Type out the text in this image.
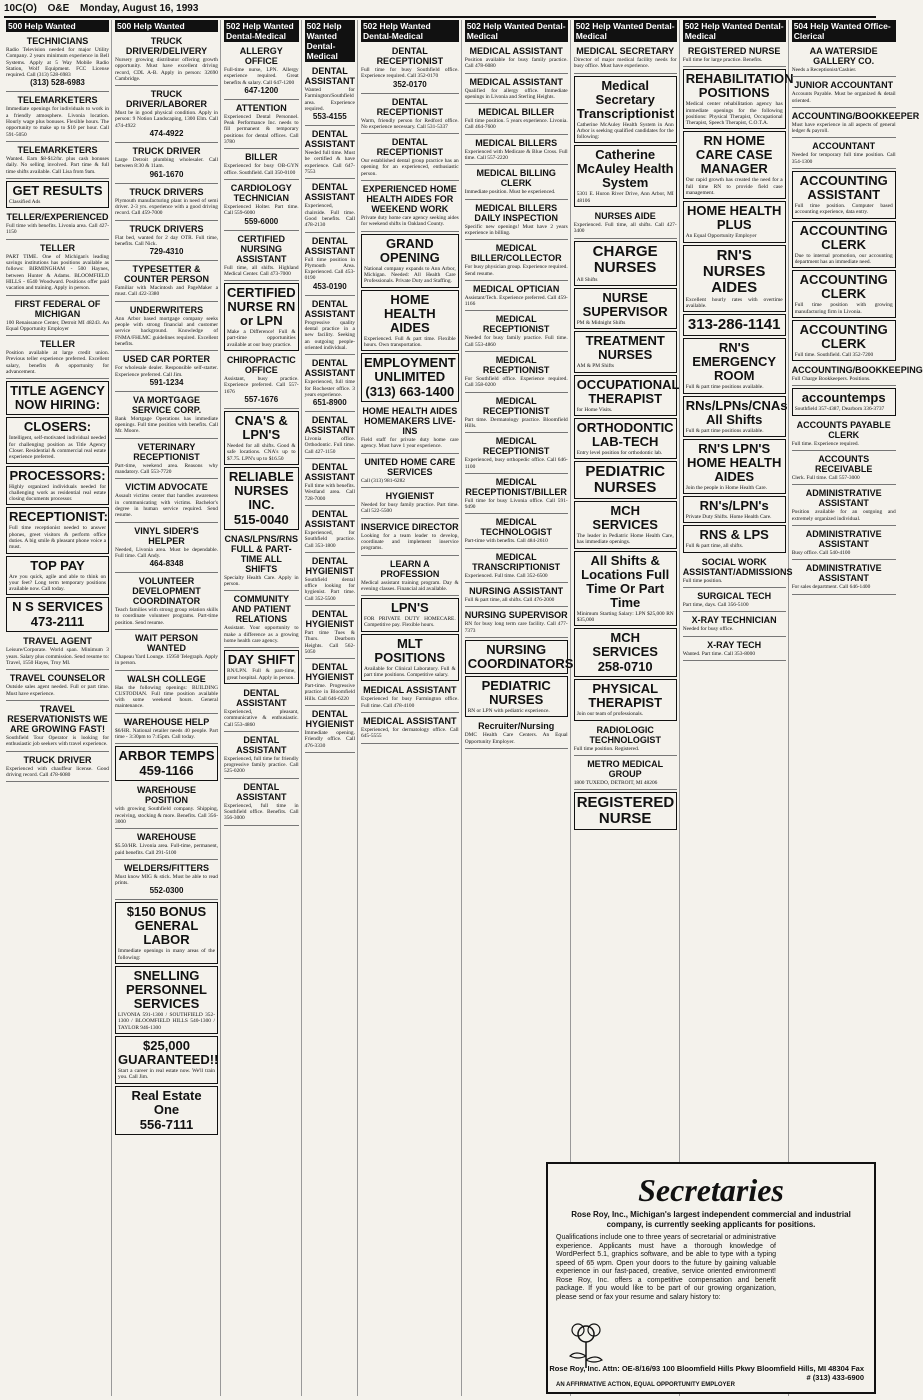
10C(O) O&E Monday, August 16, 1993
500 Help Wanted
TECHNICIANS
Radio Television needed for major Utility Company. 2 years minimum experience in Bell Systems. Apply at 5 Way Mobile Radio Station, Wolf Equipment. FCC License required. Call (313) 528-6983
(313) 528-6983
TELEMARKETERS
Immediate openings for individuals to work in a friendly atmosphere. Livonia location. Hourly wage plus bonuses. Flexible hours. The opportunity to make up to $10 per hour. Call 591-5050
TELEMARKETERS
Wanted. Earn $8-$12/hr. plus cash bonuses daily. No selling involved. Part time & full time shifts available. Call Lisa from 9am.
GET RESULTS
Classified Ads
TELLER/EXPERIENCED
Full time with benefits. Livonia area. Call 427-1150
TELLER
PART TIME. One of Michigan's leading savings institutions has positions available as follows: BIRMINGHAM - 500 Haynes, between Hunter & Adams. BLOOMFIELD HILLS - 6540 Woodward. Positions offer paid vacation and training. Apply in person.
FIRST FEDERAL OF MICHIGAN
100 Renaissance Center, Detroit MI 48243. An Equal Opportunity Employer
TELLER
Position available at large credit union. Previous teller experience preferred. Excellent salary, benefits & opportunity for advancement.
TITLE AGENCY NOW HIRING:
CLOSERS:
Intelligent, self-motivated individual needed for challenging position as Title Agency Closer. Residential & commercial real estate experience preferred.
PROCESSORS:
Highly organized individuals needed for challenging work as residential real estate closing documents processor.
RECEPTIONIST:
Full time receptionist needed to answer phones, greet visitors & perform office duties. A big smile & pleasant phone voice a must.
TOP PAY
Are you quick, agile and able to think on your feet? Long term temporary positions available now. Call today.
N S SERVICES
473-2111
TRAVEL AGENT
Leisure/Corporate. World span. Minimum 3 years. Salary plus commission. Send resume to: Travel, 1550 Hayes, Troy MI.
TRAVEL COUNSELOR
Outside sales agent needed. Full or part time. Must have experience.
TRAVEL RESERVATIONISTS WE ARE GROWING FAST!
Southfield Tour Operator is looking for enthusiastic job seekers with travel experience.
TRUCK DRIVER
Experienced with chauffeur license. Good driving record. Call 478-6080
500 Help Wanted
TRUCK DRIVER/DELIVERY
Nursery growing distributor offering growth opportunity. Must have excellent driving record, CDL A-B. Apply in person: 32690 Cambridge.
TRUCK DRIVER/LABORER
Must be in good physical condition. Apply in person: 9 Notion Landscaping, 1300 Elm. Call 474-4922
474-4922
TRUCK DRIVER
Large Detroit plumbing wholesaler. Call between 8:30 & 11am.
961-1670
TRUCK DRIVERS
Plymouth manufacturing plant in need of semi driver. 2-3 yrs. experience with a good driving record. Call 459-7000
TRUCK DRIVERS
Flat bed, wanted for 2 day OTR. Full time, benefits. Call Nick.
729-4310
TYPESETTER & COUNTER PERSON
Familiar with Macintosh and PageMaker a must. Call 422-3380
UNDERWRITERS
Ann Arbor based mortgage company seeks people with strong financial and customer service background. Knowledge of FNMA/FHLMC guidelines required. Excellent benefits.
USED CAR PORTER
For wholesale dealer. Responsible self-starter. Experience preferred. Call Jim.
591-1234
VA MORTGAGE SERVICE CORP.
Bank Mortgage Operations has immediate openings. Full time position with benefits. Call Mr. Moore.
VETERINARY RECEPTIONIST
Part-time, weekend area. Reasons why mandatory. Call 553-7720
VICTIM ADVOCATE
Assault victims center that handles awareness in communicating with victims. Bachelor's degree in human service required. Send resume.
VINYL SIDER'S HELPER
Needed, Livonia area. Must be dependable. Full time. Call Andy.
464-8348
VOLUNTEER DEVELOPMENT COORDINATOR
Teach families with strong group relation skills to coordinate volunteer programs. Part-time position. Send resume.
WAIT PERSON WANTED
Chapeau Yard Lounge. 15950 Telegraph. Apply in person.
WALSH COLLEGE
Has the following openings: BUILDING CUSTODIAN. Full time position available with some weekend hours. General maintenance.
WAREHOUSE HELP
$6/HR. National retailer needs 40 people. Part time - 3:30pm to 7:45pm. Call today.
ARBOR TEMPS
459-1166
WAREHOUSE POSITION
with growing Southfield company. Shipping, receiving, stocking & more. Benefits. Call 356-3000
WAREHOUSE
$5.50/HR. Livonia area. Full-time, permanent, paid benefits. Call 291-5100
WELDERS/FITTERS
Must know MIG & stick. Must be able to read prints.
552-0300
$150 BONUS GENERAL LABOR
Immediate openings in many areas of the following:
SNELLING PERSONNEL SERVICES
LIVONIA 591-1300 / SOUTHFIELD 352-1300 / BLOOMFIELD HILLS 540-1300 / TAYLOR 946-1300
$25,000 GUARANTEED!!
Start a career in real estate now. We'll train you. Call Jim.
Real Estate One
556-7111
502 Help Wanted Dental-Medical
ALLERGY OFFICE
Full-time nurse, LPN. Allergy experience required. Great benefits & salary. Call 647-1200
647-1200
ATTENTION
Experienced Dental Personnel. Peak Performance Inc. needs to fill permanent & temporary positions for dental offices. Call 3780
BILLER
Experienced for busy OB-GYN office. Southfield. Call 350-0100
CARDIOLOGY TECHNICIAN
Experienced Holter. Part time. Call 559-6000
559-6000
CERTIFIED NURSING ASSISTANT
Full time, all shifts. Highland Medical Center. Call 473-7000
CERTIFIED NURSE RN or LPN
Make a Difference! Full & part-time opportunities available at our busy practice.
CHIROPRACTIC OFFICE
Assistant, busy practice. Experience preferred. Call 557-1676
557-1676
CNA'S & LPN'S
Needed for all shifts. Good & safe locations. CNA's up to $7.75. LPN's up to $16.50
RELIABLE NURSES INC.
515-0040
CNAS/LPNS/RNS FULL & PART-TIME ALL SHIFTS
Specialty Health Care. Apply in person.
COMMUNITY AND PATIENT RELATIONS
Assistant. Your opportunity to make a difference as a growing home health care agency.
DAY SHIFT
RN/LPN. Full & part-time, great hospital. Apply in person.
DENTAL ASSISTANT
Experienced, pleasant, communicative & enthusiastic. Call 553-4860
DENTAL ASSISTANT
Experienced, full time for friendly progressive family practice. Call 525-0200
DENTAL ASSISTANT
Experienced, full time in Southfield office. Benefits. Call 356-3000
502 Help Wanted Dental-Medical
DENTAL ASSISTANT
Wanted for Farmington/Southfield area. Experience required.
553-4155
DENTAL ASSISTANT
Needed full time. Must be certified & have experience. Call 647-7553
DENTAL ASSISTANT
Experienced, chairside. Full time. Good benefits. Call 478-2130
DENTAL ASSISTANT
Full time position in Plymouth Area. Experienced. Call 453-0190
453-0190
DENTAL ASSISTANT
Progressive quality dental practice in a new facility. Seeking an outgoing people-oriented individual.
DENTAL ASSISTANT
Experienced, full time for Rochester office. 3 years experience.
651-8900
DENTAL ASSISTANT
Livonia office. Orthodontic. Full time. Call 427-1150
DENTAL ASSISTANT
Full time with benefits. Westland area. Call 728-7000
DENTAL ASSISTANT
Experienced, for Southfield practice. Call 353-1800
DENTAL HYGIENIST
Southfield dental office looking for hygienist. Part time. Call 352-5500
DENTAL HYGIENIST
Part time Tues & Thurs. Dearborn Heights. Call 562-5050
DENTAL HYGIENIST
Part-time. Progressive practice in Bloomfield Hills. Call 646-6220
DENTAL HYGIENIST
Immediate opening. Friendly office. Call 476-3330
502 Help Wanted Dental-Medical
DENTAL RECEPTIONIST
Full time for busy Southfield office. Experience required. Call 352-0170
352-0170
DENTAL RECEPTIONIST
Warm, friendly person for Redford office. No experience necessary. Call 531-5337
DENTAL RECEPTIONIST
Our established dental group practice has an opening for an experienced, enthusiastic person.
EXPERIENCED HOME HEALTH AIDES FOR WEEKEND WORK
Private duty home care agency seeking aides for weekend shifts in Oakland County.
GRAND OPENING
National company expands to Ann Arbor, Michigan. Needed: All Health Care Professionals. Private Duty and Staffing.
HOME HEALTH AIDES
Experienced. Full & part time. Flexible hours. Own transportation.
EMPLOYMENT UNLIMITED
(313) 663-1400
HOME HEALTH AIDES HOMEMAKERS LIVE-INS
Field staff for private duty home care agency. Must have 1 year experience.
UNITED HOME CARE SERVICES
Call (313) 981-6282
HYGIENIST
Needed for busy family practice. Part time. Call 522-5500
INSERVICE DIRECTOR
Looking for a team leader to develop, coordinate and implement inservice programs.
LEARN A PROFESSION
Medical assistant training program. Day & evening classes. Financial aid available.
LPN'S
FOR PRIVATE DUTY HOMECARE. Competitive pay. Flexible hours.
MLT POSITIONS
Available for Clinical Laboratory. Full & part time positions. Competitive salary.
MEDICAL ASSISTANT
Experienced for busy Farmington office. Full time. Call 478-4100
MEDICAL ASSISTANT
Experienced, for dermatology office. Call 645-5555
502 Help Wanted Dental-Medical
MEDICAL ASSISTANT
Position available for busy family practice. Call 478-6080
MEDICAL ASSISTANT
Qualified for allergy office. Immediate openings in Livonia and Sterling Heights.
MEDICAL BILLER
Full time position. 5 years experience. Livonia. Call 464-7600
MEDICAL BILLERS
Experienced with Medicare & Blue Cross. Full time. Call 557-2220
MEDICAL BILLING CLERK
Immediate position. Must be experienced.
MEDICAL BILLERS DAILY INSPECTION
Specific new openings! Must have 2 years experience in billing.
MEDICAL BILLER/COLLECTOR
For busy physician group. Experience required. Send resume.
MEDICAL OPTICIAN
Assistant/Tech. Experience preferred. Call 459-1166
MEDICAL RECEPTIONIST
Needed for busy family practice. Full time. Call 553-4860
MEDICAL RECEPTIONIST
For Southfield office. Experience required. Call 358-0200
MEDICAL RECEPTIONIST
Part time. Dermatology practice. Bloomfield Hills.
MEDICAL RECEPTIONIST
Experienced, busy orthopedic office. Call 646-1100
MEDICAL RECEPTIONIST/BILLER
Full time for busy Livonia office. Call 591-9490
MEDICAL TECHNOLOGIST
Part-time with benefits. Call 484-2610
MEDICAL TRANSCRIPTIONIST
Experienced. Full time. Call 352-6500
NURSING ASSISTANT
Full & part time, all shifts. Call 476-2000
NURSING SUPERVISOR
RN for busy long term care facility. Call 477-7373
NURSING COORDINATORS
PEDIATRIC NURSES
RN or LPN with pediatric experience.
Recruiter/Nursing
DMC Health Care Centers. An Equal Opportunity Employer.
502 Help Wanted Dental-Medical
MEDICAL SECRETARY
Director of major medical facility needs for busy office. Must have experience.
Medical Secretary Transcriptionist
Catherine McAuley Health System in Ann Arbor is seeking qualified candidates for the following:
Catherine McAuley Health System
5301 E. Huron River Drive, Ann Arbor, MI 48106
NURSES AIDE
Experienced. Full time, all shifts. Call 427-3400
CHARGE NURSES
All Shifts
NURSE SUPERVISOR
PM & Midnight Shifts
TREATMENT NURSES
AM & PM Shifts
OCCUPATIONAL THERAPIST
for Home Visits.
ORTHODONTIC LAB-TECH
Entry level position for orthodontic lab.
PEDIATRIC NURSES
MCH SERVICES
The leader in Pediatric Home Health Care, has immediate openings.
All Shifts & Locations Full Time Or Part Time
Minimum Starting Salary: LPN $25,000 RN $35,000
MCH SERVICES
258-0710
PHYSICAL THERAPIST
Join our team of professionals.
RADIOLOGIC TECHNOLOGIST
Full time position. Registered.
METRO MEDICAL GROUP
1800 TUXEDO, DETROIT, MI 48206
REGISTERED NURSE
502 Help Wanted Dental-Medical
REGISTERED NURSE
Full time for large practice. Benefits.
REHABILITATION POSITIONS
Medical center rehabilitation agency has immediate openings for the following positions: Physical Therapist, Occupational Therapist, Speech Therapist, C.O.T.A.
RN HOME CARE CASE MANAGER
Our rapid growth has created the need for a full time RN to provide field case management.
HOME HEALTH PLUS
An Equal Opportunity Employer
RN'S NURSES AIDES
Excellent hourly rates with overtime available.
313-286-1141
RN'S EMERGENCY ROOM
Full & part time positions available.
RNs/LPNs/CNAs All Shifts
Full & part time positions available.
RN'S LPN'S HOME HEALTH AIDES
Join the people in Home Health Care.
RN's/LPN's
Private Duty Shifts. Home Health Care.
RNS & LPS
Full & part time, all shifts.
SOCIAL WORK ASSISTANT/ADMISSIONS
Full time position.
SURGICAL TECH
Part time, days. Call 356-5100
X-RAY TECHNICIAN
Needed for busy office.
X-RAY TECH
Wanted. Part time. Call 353-8000
504 Help Wanted Office-Clerical
AA WATERSIDE GALLERY CO.
Needs a Receptionist/Cashier.
JUNIOR ACCOUNTANT
Accounts Payable. Must be organized & detail oriented.
ACCOUNTING/BOOKKEEPER
Must have experience in all aspects of general ledger & payroll.
ACCOUNTANT
Needed for temporary full time position. Call 354-1300
ACCOUNTING ASSISTANT
Full time position. Computer based accounting experience, data entry.
ACCOUNTING CLERK
Due to internal promotion, our accounting department has an immediate need.
ACCOUNTING CLERK
Full time position with growing manufacturing firm in Livonia.
ACCOUNTING CLERK
Full time. Southfield. Call 352-7200
ACCOUNTING/BOOKKEEPING
Full Charge Bookkeepers. Positions.
accountemps
Southfield 357-4387, Dearborn 336-3737
ACCOUNTS PAYABLE CLERK
Full time. Experience required.
ACCOUNTS RECEIVABLE
Clerk. Full time. Call 557-3000
ADMINISTRATIVE ASSISTANT
Position available for an outgoing and extremely organized individual.
ADMINISTRATIVE ASSISTANT
Busy office. Call 540-4100
ADMINISTRATIVE ASSISTANT
For sales department. Call 646-1400
Secretaries
Rose Roy, Inc., Michigan's largest independent commercial and industrial company, is currently seeking applicants for positions.
Qualifications include one to three years of secretarial or administrative experience. Applicants must have a thorough knowledge of WordPerfect 5.1, graphics software, and be able to type with a typing speed of 65 wpm. Open your doors to the future by gaining valuable experience in our fast-paced, creative, service oriented environment! Rose Roy, Inc. offers a competitive compensation and benefit package. If you would like to be part of our growing organization, please send or fax your resume and salary history to:
Rose Roy, Inc. Attn: OE-8/16/93 100 Bloomfield Hills Pkwy Bloomfield Hills, MI 48304 Fax # (313) 433-6900
AN AFFIRMATIVE ACTION, EQUAL OPPORTUNITY EMPLOYER
